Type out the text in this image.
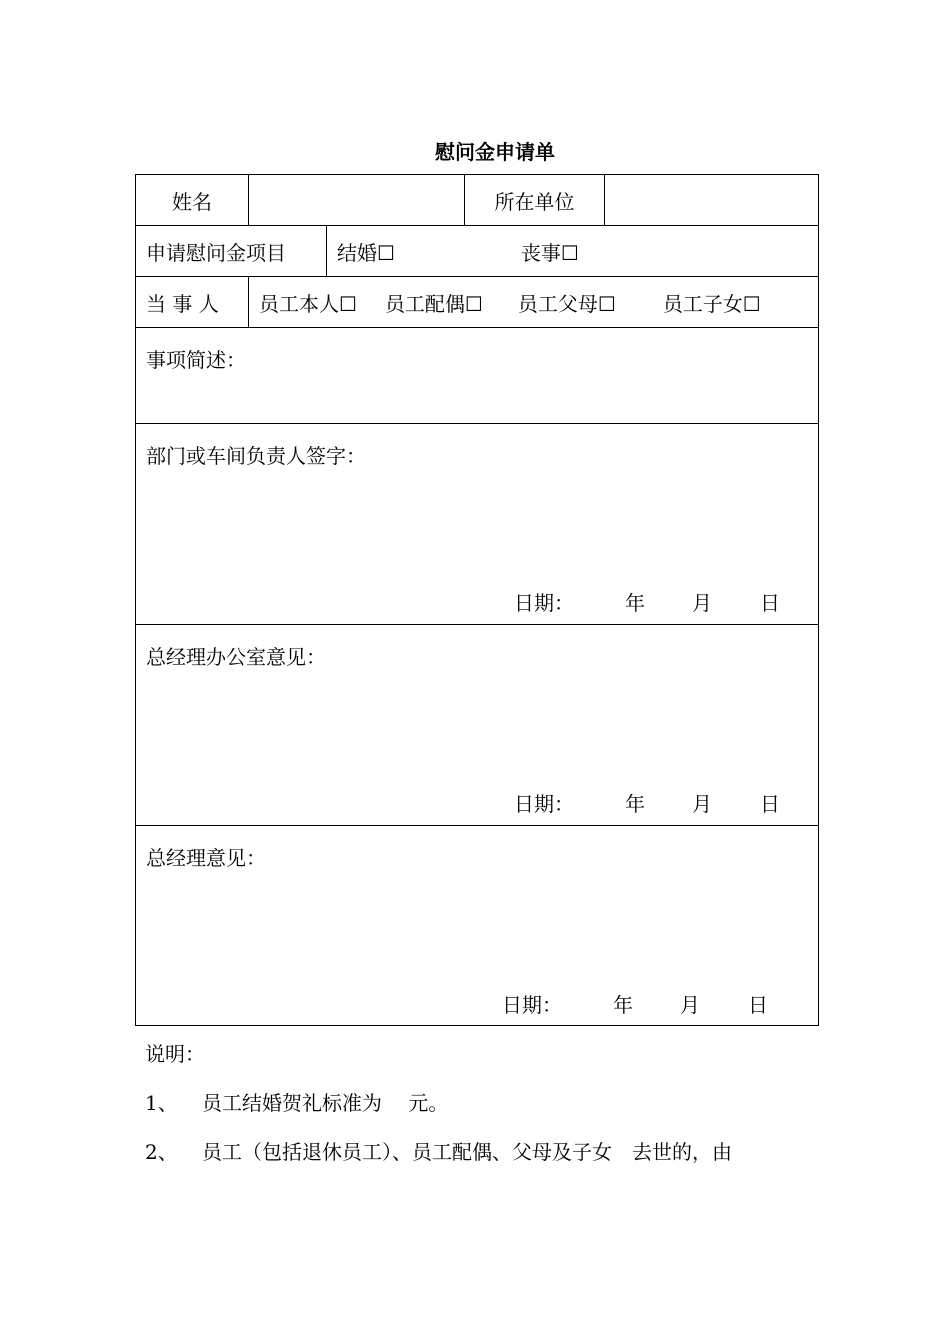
慰问金申请单
姓名			所在单位	
申请慰问金项目		结婚☐ 丧事☐		
当 事 人	员工本人☐ 员工配偶☐ 员工父母☐ 员工子女☐			

事项简述：				

部门或车间负责人签字：
日期： 年 月 日				

总经理办公室意见：
日期： 年 月 日				

总经理意见：
日期： 年 月 日				
说明：
1、 员工结婚贺礼标准为　 元。
2、 员工（包括退休员工）、员工配偶、父母及子女　去世的，由
